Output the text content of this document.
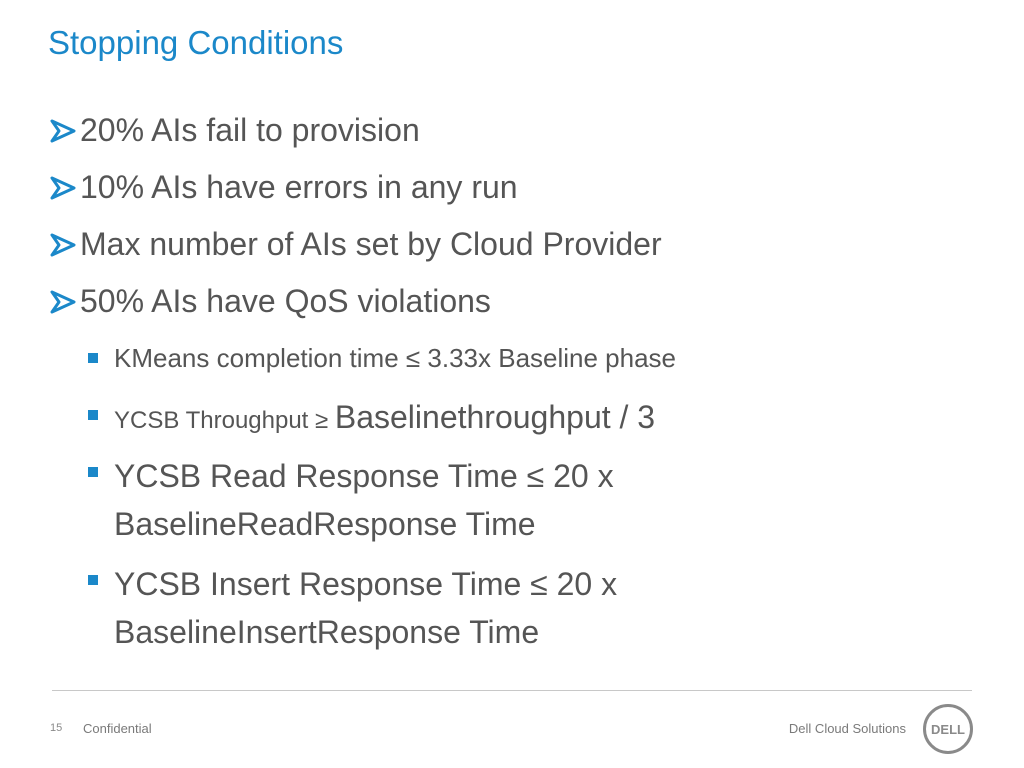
Stopping Conditions
20% AIs fail to provision
10% AIs have errors in any run
Max number of AIs set by Cloud Provider
50% AIs have QoS violations
KMeans completion time ≤ 3.33x Baseline phase
YCSB Throughput ≥ Baselinethroughput / 3
YCSB Read Response Time ≤ 20 x
BaselineReadResponse Time
YCSB Insert Response Time ≤ 20 x
BaselineInsertResponse Time
15 Confidential	Dell Cloud Solutions DELL
